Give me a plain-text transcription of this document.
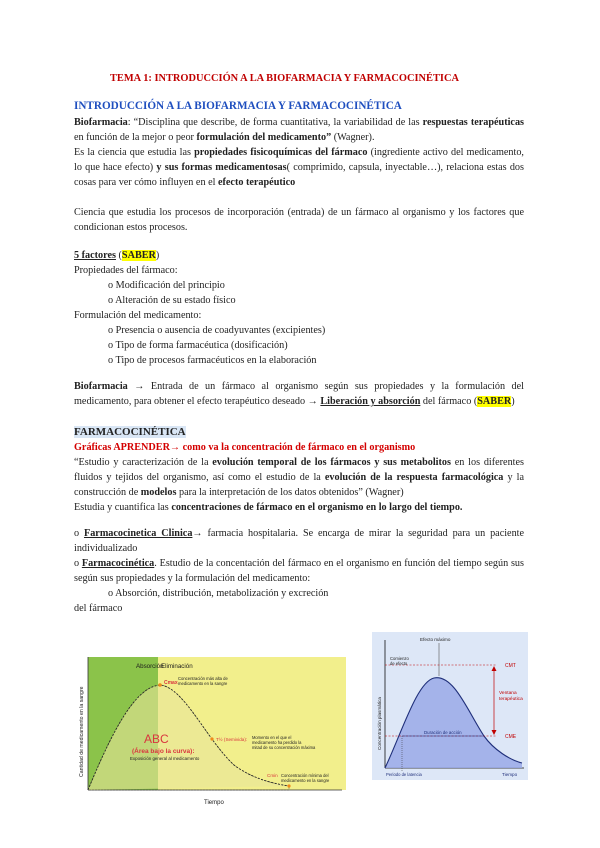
TEMA 1: INTRODUCCIÓN A LA BIOFARMACIA Y FARMACOCINÉTICA
INTRODUCCIÓN A LA BIOFARMACIA Y FARMACOCINÉTICA
Biofarmacia: “Disciplina que describe, de forma cuantitativa, la variabilidad de las respuestas terapéuticas en función de la mejor o peor formulación del medicamento” (Wagner).
Es la ciencia que estudia las propiedades fisicoquímicas del fármaco (ingrediente activo del medicamento, lo que hace efecto) y sus formas medicamentosas( comprimido, capsula, inyectable…), relaciona estas dos cosas para ver cómo influyen en el efecto terapéutico
Ciencia que estudia los procesos de incorporación (entrada) de un fármaco al organismo y los factores que condicionan estos procesos.
5 factores (SABER)
Propiedades del fármaco:
o Modificación del principio
o Alteración de su estado físico
Formulación del medicamento:
o Presencia o ausencia de coadyuvantes (excipientes)
o Tipo de forma farmacéutica (dosificación)
o Tipo de procesos farmacéuticos en la elaboración
Biofarmacia → Entrada de un fármaco al organismo según sus propiedades y la formulación del medicamento, para obtener el efecto terapéutico deseado → Liberación y absorción del fármaco (SABER)
FARMACOCINÉTICA
Gráficas APRENDER→ como va la concentración de fármaco en el organismo
“Estudio y caracterización de la evolución temporal de los fármacos y sus metabolitos en los diferentes fluidos y tejidos del organismo, así como el estudio de la evolución de la respuesta farmacológica y la construcción de modelos para la interpretación de los datos obtenidos” (Wagner)
Estudia y cuantifica las concentraciones de fármaco en el organismo en lo largo del tiempo.
o Farmacocinetica Clinica→ farmacia hospitalaria. Se encarga de mirar la seguridad para un paciente individualizado
o Farmacocinética. Estudio de la concentación del fármaco en el organismo en función del tiempo según sus según sus propiedades y la formulación del medicamento:
o Absorción, distribución, metabolización y excreción
del fármaco
Absorción
Eliminación
Cantidad de medicamento en la sangre
Tiempo
Cmax
Concentración más alta de
medicamento en la sangre
ABC
(Área bajo la curva):
Exposición general al medicamento
T½ (Semivida): Momento en el que el
medicamento ha perdido la
mitad de su concentración máxima
Cmin Concentración mínima del
medicamento en la sangre
Efecto máximo
Concentración plasmática
CMT
CME
Ventana
terapéutica
Comienzo
de efecto
Duración de acción
Periodo de latencia	Tiempo
